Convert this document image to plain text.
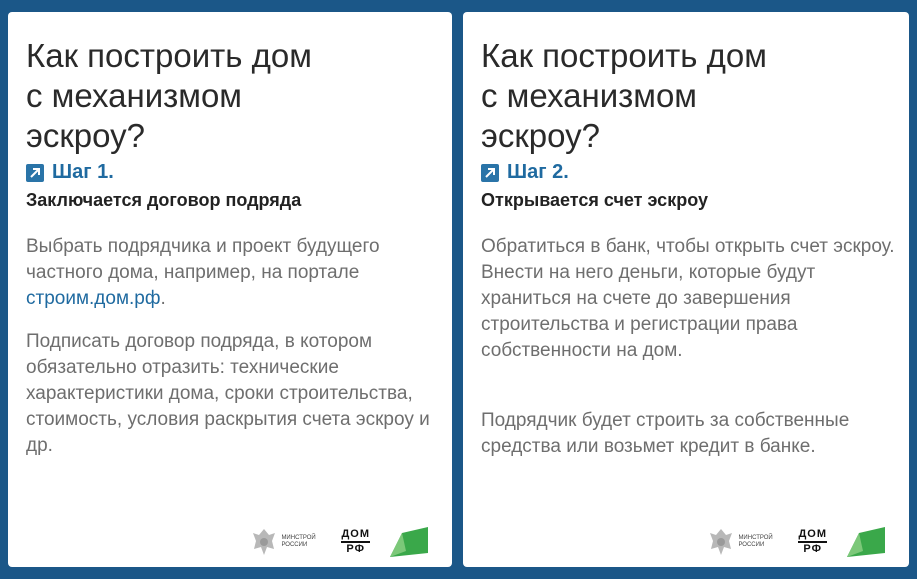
Как построить дом
с механизмом
эскроу?
Шаг 1.
Заключается договор подряда

Выбрать подрядчика и проект будущего частного дома, например, на портале строим.дом.рф.

Подписать договор подряда, в котором обязательно отразить: технические характеристики дома, сроки строительства, стоимость, условия раскрытия счета эскроу и др.

МИНСТРОЙ
РОССИИ
ДОМ
РФ
Как построить дом
с механизмом
эскроу?
Шаг 2.
Открывается счет эскроу

Обратиться в банк, чтобы открыть счет эскроу. Внести на него деньги, которые будут храниться на счете до завершения строительства и регистрации права собственности на дом.

Подрядчик будет строить за собственные средства или возьмет кредит в банке.

МИНСТРОЙ
РОССИИ
ДОМ
РФ
